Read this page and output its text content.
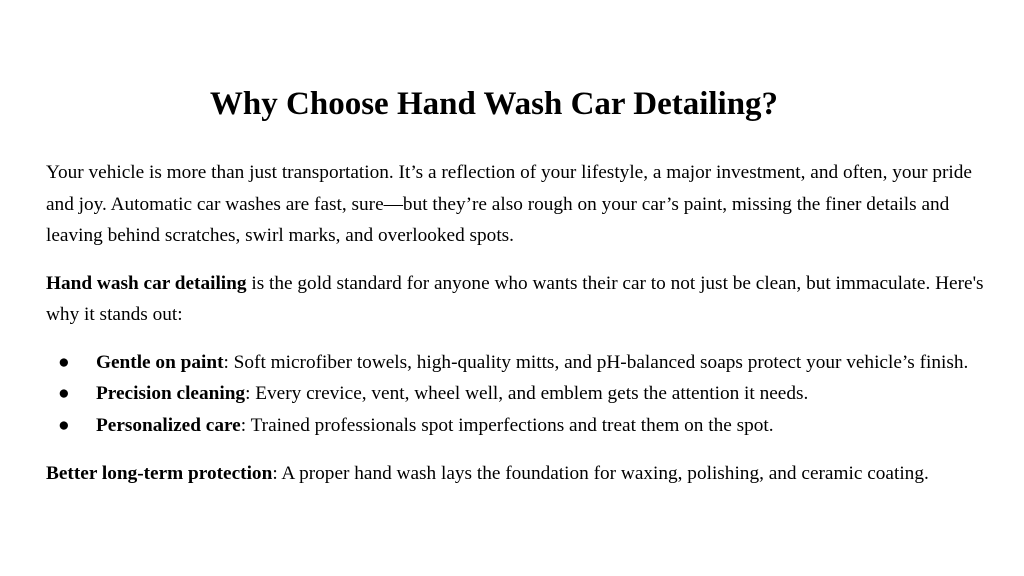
Why Choose Hand Wash Car Detailing?

Your vehicle is more than just transportation. It’s a reflection of your lifestyle, a major investment, and often, your pride and joy. Automatic car washes are fast, sure—but they’re also rough on your car’s paint, missing the finer details and leaving behind scratches, swirl marks, and overlooked spots.

Hand wash car detailing is the gold standard for anyone who wants their car to not just be clean, but immaculate. Here's why it stands out:

● Gentle on paint: Soft microfiber towels, high-quality mitts, and pH-balanced soaps protect your vehicle’s finish.
● Precision cleaning: Every crevice, vent, wheel well, and emblem gets the attention it needs.
● Personalized care: Trained professionals spot imperfections and treat them on the spot.

Better long-term protection: A proper hand wash lays the foundation for waxing, polishing, and ceramic coating.
